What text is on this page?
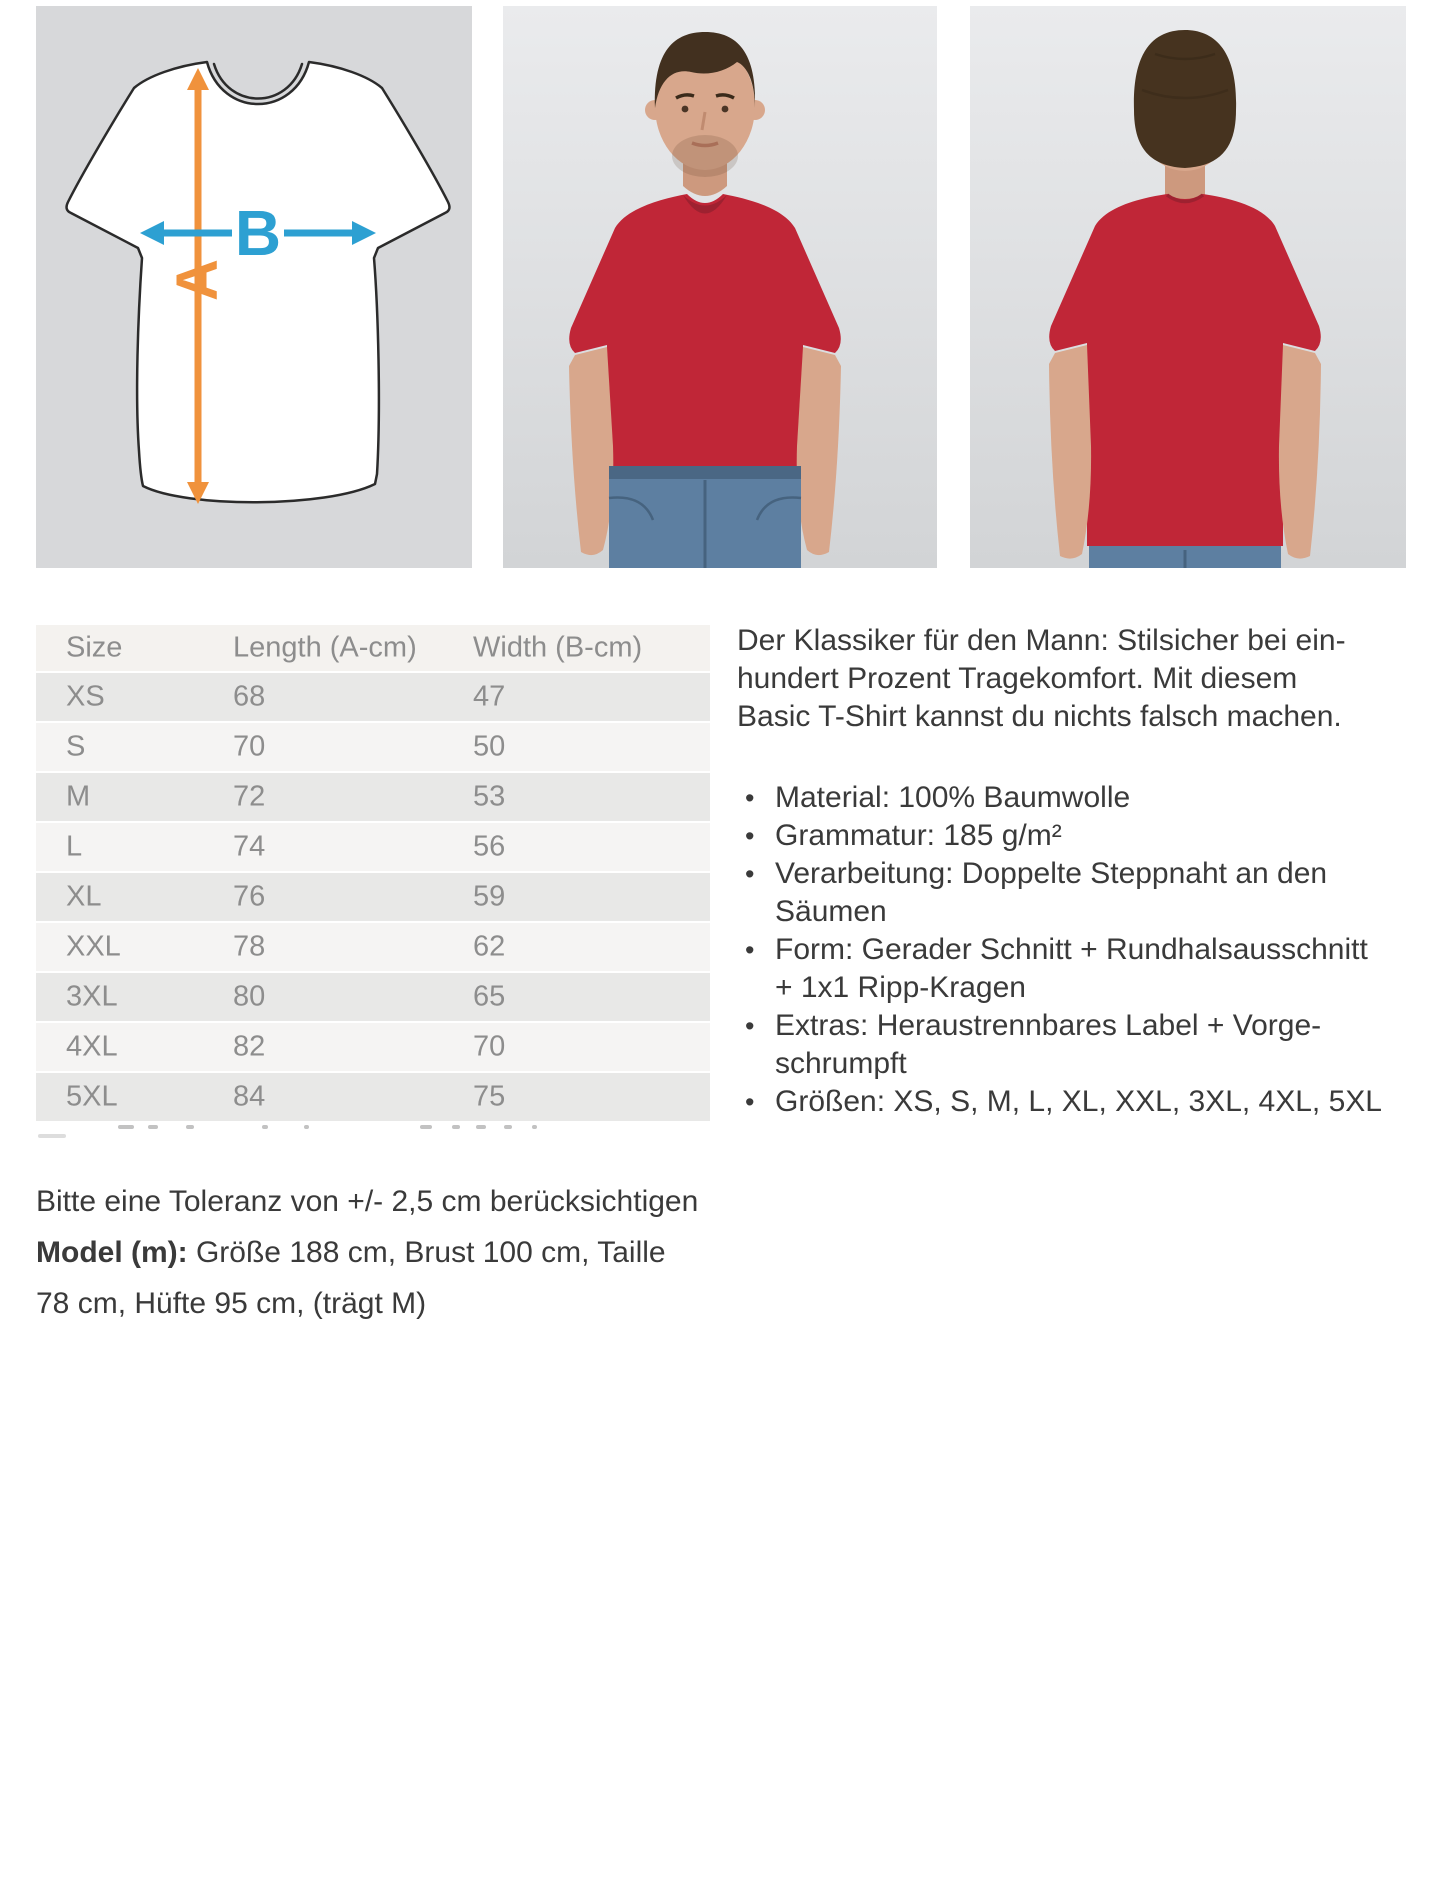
B
A
Size	Length (A-cm) Width (B-cm)
XS	68	47
S	70	50
M	72	53
L	74	56
XL	76	59
XXL	78	62
3XL	80	65
4XL	82	70
5XL	84	75

Bitte eine Toleranz von +/- 2,5 cm berücksichtigen

Model (m): Größe 188 cm, Brust 100 cm, Taille 78 cm, Hüfte 95 cm, (trägt M)

Der Klassiker für den Mann: Stilsicher bei ein-
hundert Prozent Tragekomfort. Mit diesem
Basic T-Shirt kannst du nichts falsch machen.
•
Material: 100% Baumwolle
•
Grammatur: 185 g/m²
•
Verarbeitung: Doppelte Steppnaht an den
Säumen
•
Form: Gerader Schnitt + Rundhalsausschnitt
+ 1x1 Ripp-Kragen
•
Extras: Heraustrennbares Label + Vorge-
schrumpft
•
Größen: XS, S, M, L, XL, XXL, 3XL, 4XL, 5XL
